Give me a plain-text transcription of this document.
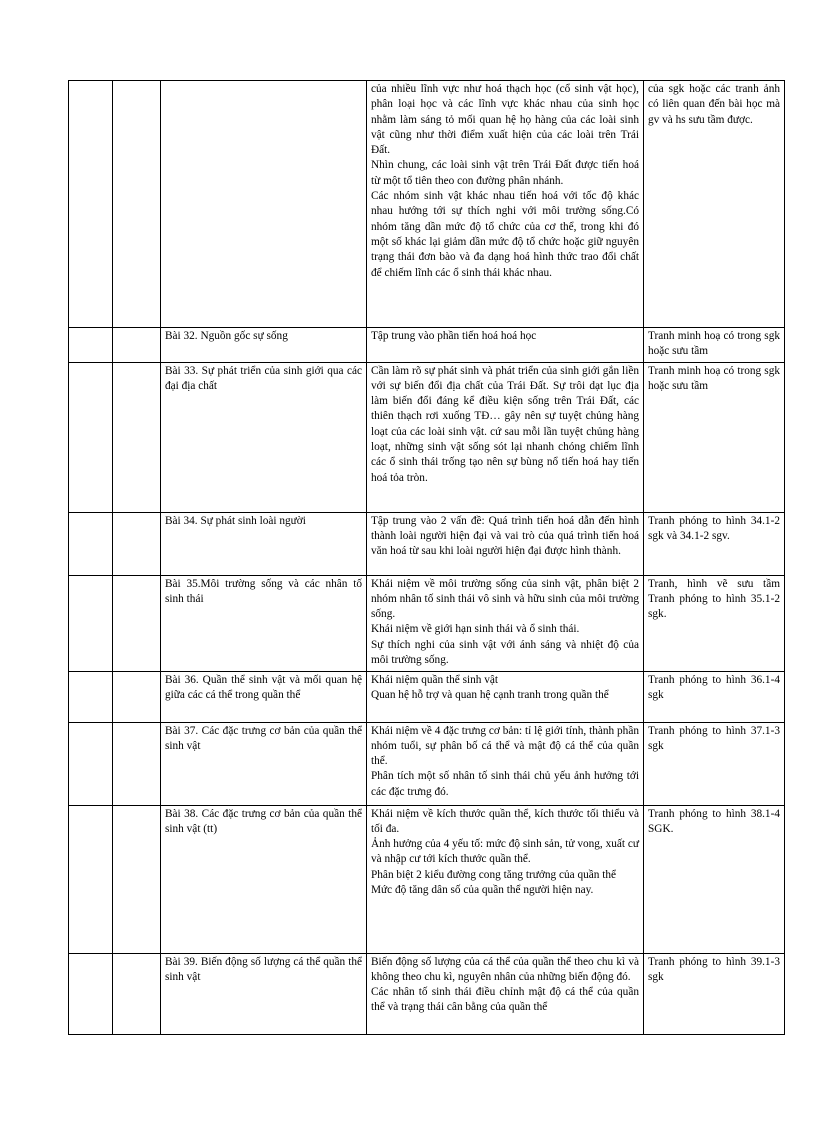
			của nhiều lĩnh vực như hoá thạch học (cổ sinh vật học), phân loại học và các lĩnh vực khác nhau của sinh học nhằm làm sáng tỏ mối quan hệ họ hàng của các loài sinh vật cũng như thời điểm xuất hiện của các loài trên Trái Đất.

Nhìn chung, các loài sinh vật trên Trái Đất được tiến hoá từ một tổ tiên theo con đường phân nhánh.

Các nhóm sinh vật khác nhau tiến hoá với tốc độ khác nhau hướng tới sự thích nghi với môi trường sống.Có nhóm tăng dần mức độ tổ chức của cơ thể, trong khi đó một số khác lại giảm dần mức độ tổ chức hoặc giữ nguyên trạng thái đơn bào và đa dạng hoá hình thức trao đổi chất để chiếm lĩnh các ổ sinh thái khác nhau.	của sgk hoặc các tranh ảnh có liên quan đến bài học mà gv và hs sưu tầm được.
		Bài 32. Nguồn gốc sự sống	Tập trung vào phần tiến hoá hoá học	Tranh minh hoạ có trong sgk hoặc sưu tầm
		Bài 33. Sự phát triển của sinh giới qua các đại địa chất	Cần làm rõ sự phát sinh và phát triển của sinh giới gắn liền với sự biến đổi địa chất của Trái Đất. Sự trôi dạt lục địa làm biến đổi đáng kể điều kiện sống trên Trái Đất, các thiên thạch rơi xuống TĐ… gây nên sự tuyệt chủng hàng loạt của các loài sinh vật. cứ sau mỗi lần tuyệt chủng hàng loạt, những sinh vật sống sót lại nhanh chóng chiếm lĩnh các ổ sinh thái trống tạo nên sự bùng nổ tiến hoá hay tiến hoá tỏa tròn.	Tranh minh hoạ có trong sgk hoặc sưu tầm
		Bài 34. Sự phát sinh loài người	Tập trung vào 2 vấn đề: Quá trình tiến hoá dẫn đến hình thành loài người hiện đại và vai trò của quá trình tiến hoá văn hoá từ sau khi loài người hiện đại được hình thành.	Tranh phóng to hình 34.1-2 sgk và 34.1-2 sgv.
		Bài 35.Môi trường sống và các nhân tố sinh thái	Khái niệm về môi trường sống của sinh vật, phân biệt 2 nhóm nhân tố sinh thái vô sinh và hữu sinh của môi trường sống.

Khái niệm về giới hạn sinh thái và ổ sinh thái.

Sự thích nghi của sinh vật với ánh sáng và nhiệt độ của môi trường sống.	Tranh, hình vẽ sưu tầm Tranh phóng to hình 35.1-2 sgk.
		Bài 36. Quần thể sinh vật và mối quan hệ giữa các cá thể trong quần thể	Khái niệm quần thể sinh vật

Quan hệ hỗ trợ và quan hệ cạnh tranh trong quần thể	Tranh phóng to hình 36.1-4 sgk
		Bài 37. Các đặc trưng cơ bản của quần thể sinh vật	Khái niệm về 4 đặc trưng cơ bản: tỉ lệ giới tính, thành phần nhóm tuổi, sự phân bố cá thể và mật độ cá thể của quần thể.

Phân tích một số nhân tố sinh thái chủ yếu ảnh hưởng tới các đặc trưng đó.	Tranh phóng to hình 37.1-3 sgk
		Bài 38. Các đặc trưng cơ bản của quần thể sinh vật (tt)	Khái niệm về kích thước quần thể, kích thước tối thiểu và tối đa.

Ảnh hưởng của 4 yếu tố: mức độ sinh sản, tử vong, xuất cư và nhập cư tới kích thước quần thể.

Phân biệt 2 kiểu đường cong tăng trưởng của quần thể

Mức độ tăng dân số của quần thể người hiện nay.	Tranh phóng to hình 38.1-4 SGK.
		Bài 39. Biến động số lượng cá thể quần thể sinh vật	Biến động số lượng của cá thể của quần thể theo chu kì và không theo chu kì, nguyên nhân của những biến động đó.

Các nhân tố sinh thái điều chỉnh mật độ cá thể của quần thể và trạng thái cân bằng của quần thể	Tranh phóng to hình 39.1-3 sgk
